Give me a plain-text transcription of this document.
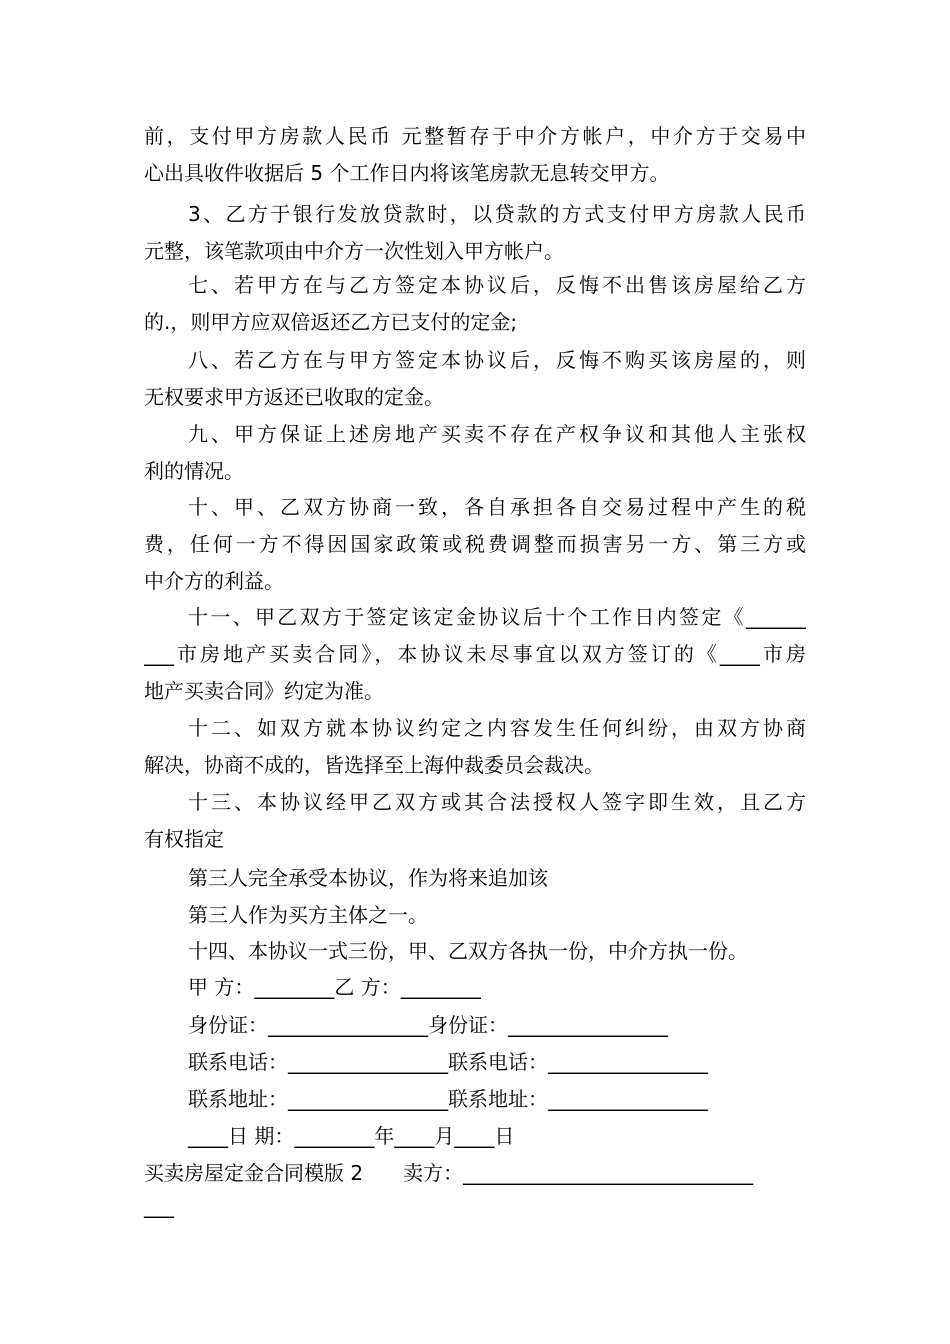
前，支付甲方房款人民币 元整暂存于中介方帐户，中介方于交易中
心出具收件收据后 5 个工作日内将该笔房款无息转交甲方。

3、乙方于银行发放贷款时，以贷款的方式支付甲方房款人民币
元整，该笔款项由中介方一次性划入甲方帐户。

七、若甲方在与乙方签定本协议后，反悔不出售该房屋给乙方
的.，则甲方应双倍返还乙方已支付的定金;

八、若乙方在与甲方签定本协议后，反悔不购买该房屋的，则
无权要求甲方返还已收取的定金。

九、甲方保证上述房地产买卖不存在产权争议和其他人主张权
利的情况。

十、甲、乙双方协商一致，各自承担各自交易过程中产生的税
费，任何一方不得因国家政策或税费调整而损害另一方、第三方或
中介方的利益。

十一、甲乙双方于签定该定金协议后十个工作日内签定《______
___市房地产买卖合同》，本协议未尽事宜以双方签订的《____市房
地产买卖合同》约定为准。

十二、如双方就本协议约定之内容发生任何纠纷，由双方协商
解决，协商不成的，皆选择至上海仲裁委员会裁决。

十三、本协议经甲乙双方或其合法授权人签字即生效，且乙方
有权指定

第三人完全承受本协议，作为将来追加该

第三人作为买方主体之一。

十四、本协议一式三份，甲、乙双方各执一份，中介方执一份。

甲 方：________乙 方：________

身份证：________________身份证：________________

联系电话：________________联系电话：________________

联系地址：________________联系地址：________________

____日 期：________年____月____日

买卖房屋定金合同模版 2　　卖方：_____________________________

___
